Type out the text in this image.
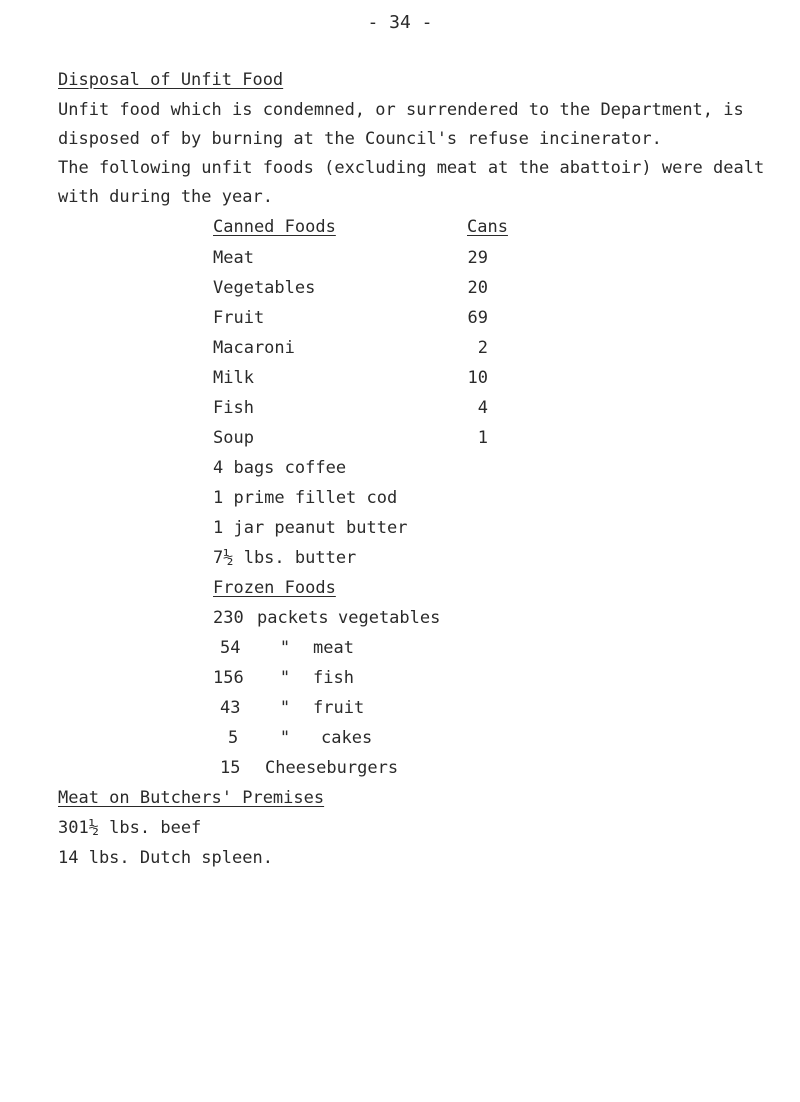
- 34 -
Disposal of Unfit Food
Unfit food which is condemned, or surrendered to the Department, is
disposed of by burning at the Council's refuse incinerator.
The following unfit foods (excluding meat at the abattoir) were dealt
with during the year.
Canned Foods	Cans
Meat	29
Vegetables	20
Fruit	69
Macaroni	2
Milk	10
Fish	4
Soup	1
4 bags coffee
1 prime fillet cod
1 jar peanut butter
7½ lbs. butter
Frozen Foods
230 packets vegetables
54 " meat
156 " fish
43 " fruit
5 " cakes
15 Cheeseburgers
Meat on Butchers' Premises
301½ lbs. beef
14 lbs. Dutch spleen.
